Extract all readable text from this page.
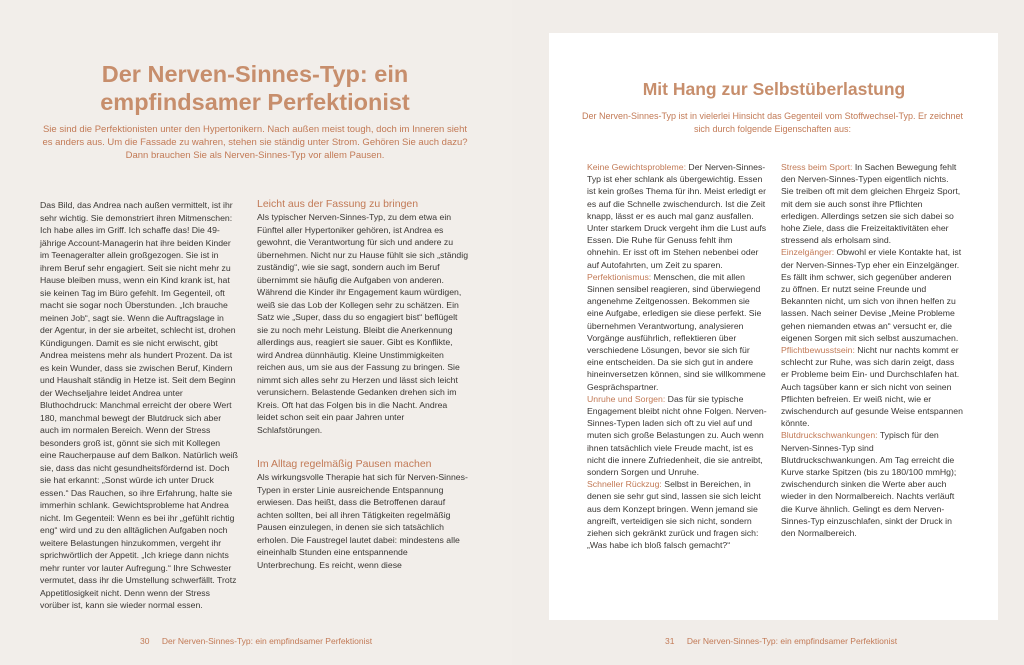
Der Nerven-Sinnes-Typ: ein empfindsamer Perfektionist
Sie sind die Perfektionisten unter den Hypertonikern. Nach außen meist tough, doch im Inneren sieht es anders aus. Um die Fassade zu wahren, stehen sie ständig unter Strom. Gehören Sie auch dazu? Dann brauchen Sie als Nerven-Sinnes-Typ vor allem Pausen.

Das Bild, das Andrea nach außen vermittelt, ist ihr sehr wichtig. Sie demonstriert ihren Mitmenschen: Ich habe alles im Griff. Ich schaffe das! Die 49-jährige Account-Managerin hat ihre beiden Kinder im Teenageralter allein großgezogen. Sie ist in ihrem Beruf sehr engagiert. Seit sie nicht mehr zu Hause bleiben muss, wenn ein Kind krank ist, hat sie keinen Tag im Büro gefehlt. Im Gegenteil, oft macht sie sogar noch Überstunden. „Ich brauche meinen Job“, sagt sie. Wenn die Auftragslage in der Agentur, in der sie arbeitet, schlecht ist, drohen Kündigungen. Damit es sie nicht erwischt, gibt Andrea meistens mehr als hundert Prozent. Da ist es kein Wunder, dass sie zwischen Beruf, Kindern und Haushalt ständig in Hetze ist. Seit dem Beginn der Wechseljahre leidet Andrea unter Bluthochdruck: Manchmal erreicht der obere Wert 180, manchmal bewegt der Blutdruck sich aber auch im normalen Bereich. Wenn der Stress besonders groß ist, gönnt sie sich mit Kollegen eine Raucherpause auf dem Balkon. Natürlich weiß sie, dass das nicht gesundheitsfördernd ist. Doch sie hat erkannt: „Sonst würde ich unter Druck essen.“ Das Rauchen, so ihre Erfahrung, halte sie immerhin schlank. Gewichtsprobleme hat Andrea nicht. Im Gegenteil: Wenn es bei ihr „gefühlt richtig eng“ wird und zu den alltäglichen Aufgaben noch weitere Belastungen hinzukommen, vergeht ihr sprichwörtlich der Appetit. „Ich kriege dann nichts mehr runter vor lauter Aufregung.“ Ihre Schwester vermutet, dass ihr die Umstellung schwerfällt. Trotz Appetitlosigkeit nicht. Denn wenn der Stress vorüber ist, kann sie wieder normal essen.

Leicht aus der Fassung zu bringen

Als typischer Nerven-Sinnes-Typ, zu dem etwa ein Fünftel aller Hypertoniker gehören, ist Andrea es gewohnt, die Verantwortung für sich und andere zu übernehmen. Nicht nur zu Hause fühlt sie sich „ständig zuständig“, wie sie sagt, sondern auch im Beruf übernimmt sie häufig die Aufgaben von anderen. Während die Kinder ihr Engagement kaum würdigen, weiß sie das Lob der Kollegen sehr zu schätzen. Ein Satz wie „Super, dass du so engagiert bist“ beflügelt sie zu noch mehr Leistung. Bleibt die Anerkennung allerdings aus, reagiert sie sauer. Gibt es Konflikte, wird Andrea dünnhäutig. Kleine Unstimmigkeiten reichen aus, um sie aus der Fassung zu bringen. Sie nimmt sich alles sehr zu Herzen und lässt sich leicht verunsichern. Belastende Gedanken drehen sich im Kreis. Oft hat das Folgen bis in die Nacht. Andrea leidet schon seit ein paar Jahren unter Schlafstörungen.

Im Alltag regelmäßig Pausen machen

Als wirkungsvolle Therapie hat sich für Nerven-Sinnes-Typen in erster Linie ausreichende Entspannung erwiesen. Das heißt, dass die Betroffenen darauf achten sollten, bei all ihren Tätigkeiten regelmäßig Pausen einzulegen, in denen sie sich tatsächlich erholen. Die Faustregel lautet dabei: mindestens alle eineinhalb Stunden eine entspannende Unterbrechung. Es reicht, wenn diese

30 Der Nerven-Sinnes-Typ: ein empfindsamer Perfektionist
Mit Hang zur Selbstüberlastung
Der Nerven-Sinnes-Typ ist in vielerlei Hinsicht das Gegenteil vom Stoffwechsel-Typ. Er zeichnet sich durch folgende Eigenschaften aus:

Keine Gewichtsprobleme: Der Nerven-Sinnes-Typ ist eher schlank als übergewichtig. Essen ist kein großes Thema für ihn. Meist erledigt er es auf die Schnelle zwischendurch. Ist die Zeit knapp, lässt er es auch mal ganz ausfallen. Unter starkem Druck vergeht ihm die Lust aufs Essen. Die Ruhe für Genuss fehlt ihm ohnehin. Er isst oft im Stehen nebenbei oder auf Autofahrten, um Zeit zu sparen.

Perfektionismus: Menschen, die mit allen Sinnen sensibel reagieren, sind überwiegend angenehme Zeitgenossen. Bekommen sie eine Aufgabe, erledigen sie diese perfekt. Sie übernehmen Verantwortung, analysieren Vorgänge ausführlich, reflektieren über verschiedene Lösungen, bevor sie sich für eine entscheiden. Da sie sich gut in andere hineinversetzen können, sind sie willkommene Gesprächspartner.

Unruhe und Sorgen: Das für sie typische Engagement bleibt nicht ohne Folgen. Nerven-Sinnes-Typen laden sich oft zu viel auf und muten sich große Belastungen zu. Auch wenn ihnen tatsächlich viele Freude macht, ist es nicht die innere Zufriedenheit, die sie antreibt, sondern Sorgen und Unruhe.

Schneller Rückzug: Selbst in Bereichen, in denen sie sehr gut sind, lassen sie sich leicht aus dem Konzept bringen. Wenn jemand sie angreift, verteidigen sie sich nicht, sondern ziehen sich gekränkt zurück und fragen sich: „Was habe ich bloß falsch gemacht?“

Stress beim Sport: In Sachen Bewegung fehlt den Nerven-Sinnes-Typen eigentlich nichts. Sie treiben oft mit dem gleichen Ehrgeiz Sport, mit dem sie auch sonst ihre Pflichten erledigen. Allerdings setzen sie sich dabei so hohe Ziele, dass die Freizeitaktivitäten eher stressend als erholsam sind.

Einzelgänger: Obwohl er viele Kontakte hat, ist der Nerven-Sinnes-Typ eher ein Einzelgänger. Es fällt ihm schwer, sich gegenüber anderen zu öffnen. Er nutzt seine Freunde und Bekannten nicht, um sich von ihnen helfen zu lassen. Nach seiner Devise „Meine Probleme gehen niemanden etwas an“ versucht er, die eigenen Sorgen mit sich selbst auszumachen.

Pflichtbewusstsein: Nicht nur nachts kommt er schlecht zur Ruhe, was sich darin zeigt, dass er Probleme beim Ein- und Durchschlafen hat. Auch tagsüber kann er sich nicht von seinen Pflichten befreien. Er weiß nicht, wie er zwischendurch auf gesunde Weise entspannen könnte.

Blutdruckschwankungen: Typisch für den Nerven-Sinnes-Typ sind Blutdruckschwankungen. Am Tag erreicht die Kurve starke Spitzen (bis zu 180/100 mmHg); zwischendurch sinken die Werte aber auch wieder in den Normalbereich. Nachts verläuft die Kurve ähnlich. Gelingt es dem Nerven-Sinnes-Typ einzuschlafen, sinkt der Druck in den Normalbereich.

31 Der Nerven-Sinnes-Typ: ein empfindsamer Perfektionist
